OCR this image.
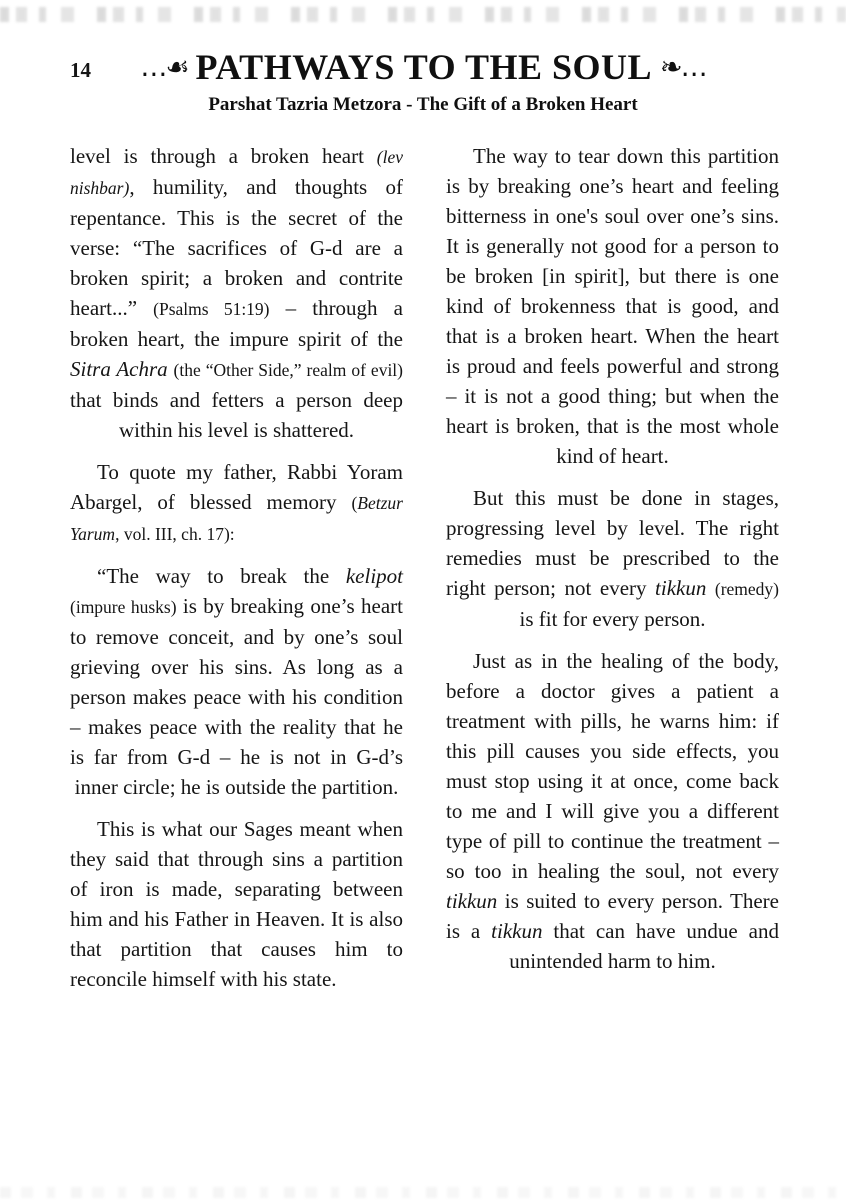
14	…☙ PATHWAYS TO THE SOUL ❧…
Parshat Tazria Metzora - The Gift of a Broken Heart

level is through a broken heart (lev nishbar), humility, and thoughts of repentance. This is the secret of the verse: “The sacrifices of G-d are a broken spirit; a broken and contrite heart...” (Psalms 51:19) – through a broken heart, the impure spirit of the Sitra Achra (the “Other Side,” realm of evil) that binds and fetters a person deep within his level is shattered.

To quote my father, Rabbi Yoram Abargel, of blessed memory (Betzur Yarum, vol. III, ch. 17):

“The way to break the kelipot (impure husks) is by breaking one’s heart to remove conceit, and by one’s soul grieving over his sins. As long as a person makes peace with his condition – makes peace with the reality that he is far from G-d – he is not in G-d’s inner circle; he is outside the partition.

This is what our Sages meant when they said that through sins a partition of iron is made, separating between him and his Father in Heaven. It is also that partition that causes him to reconcile himself with his state.

The way to tear down this partition is by breaking one’s heart and feeling bitterness in one's soul over one’s sins. It is generally not good for a person to be broken [in spirit], but there is one kind of brokenness that is good, and that is a broken heart. When the heart is proud and feels powerful and strong – it is not a good thing; but when the heart is broken, that is the most whole kind of heart.

But this must be done in stages, progressing level by level. The right remedies must be prescribed to the right person; not every tikkun (remedy) is fit for every person.

Just as in the healing of the body, before a doctor gives a patient a treatment with pills, he warns him: if this pill causes you side effects, you must stop using it at once, come back to me and I will give you a different type of pill to continue the treatment – so too in healing the soul, not every tikkun is suited to every person. There is a tikkun that can have undue and unintended harm to him.
